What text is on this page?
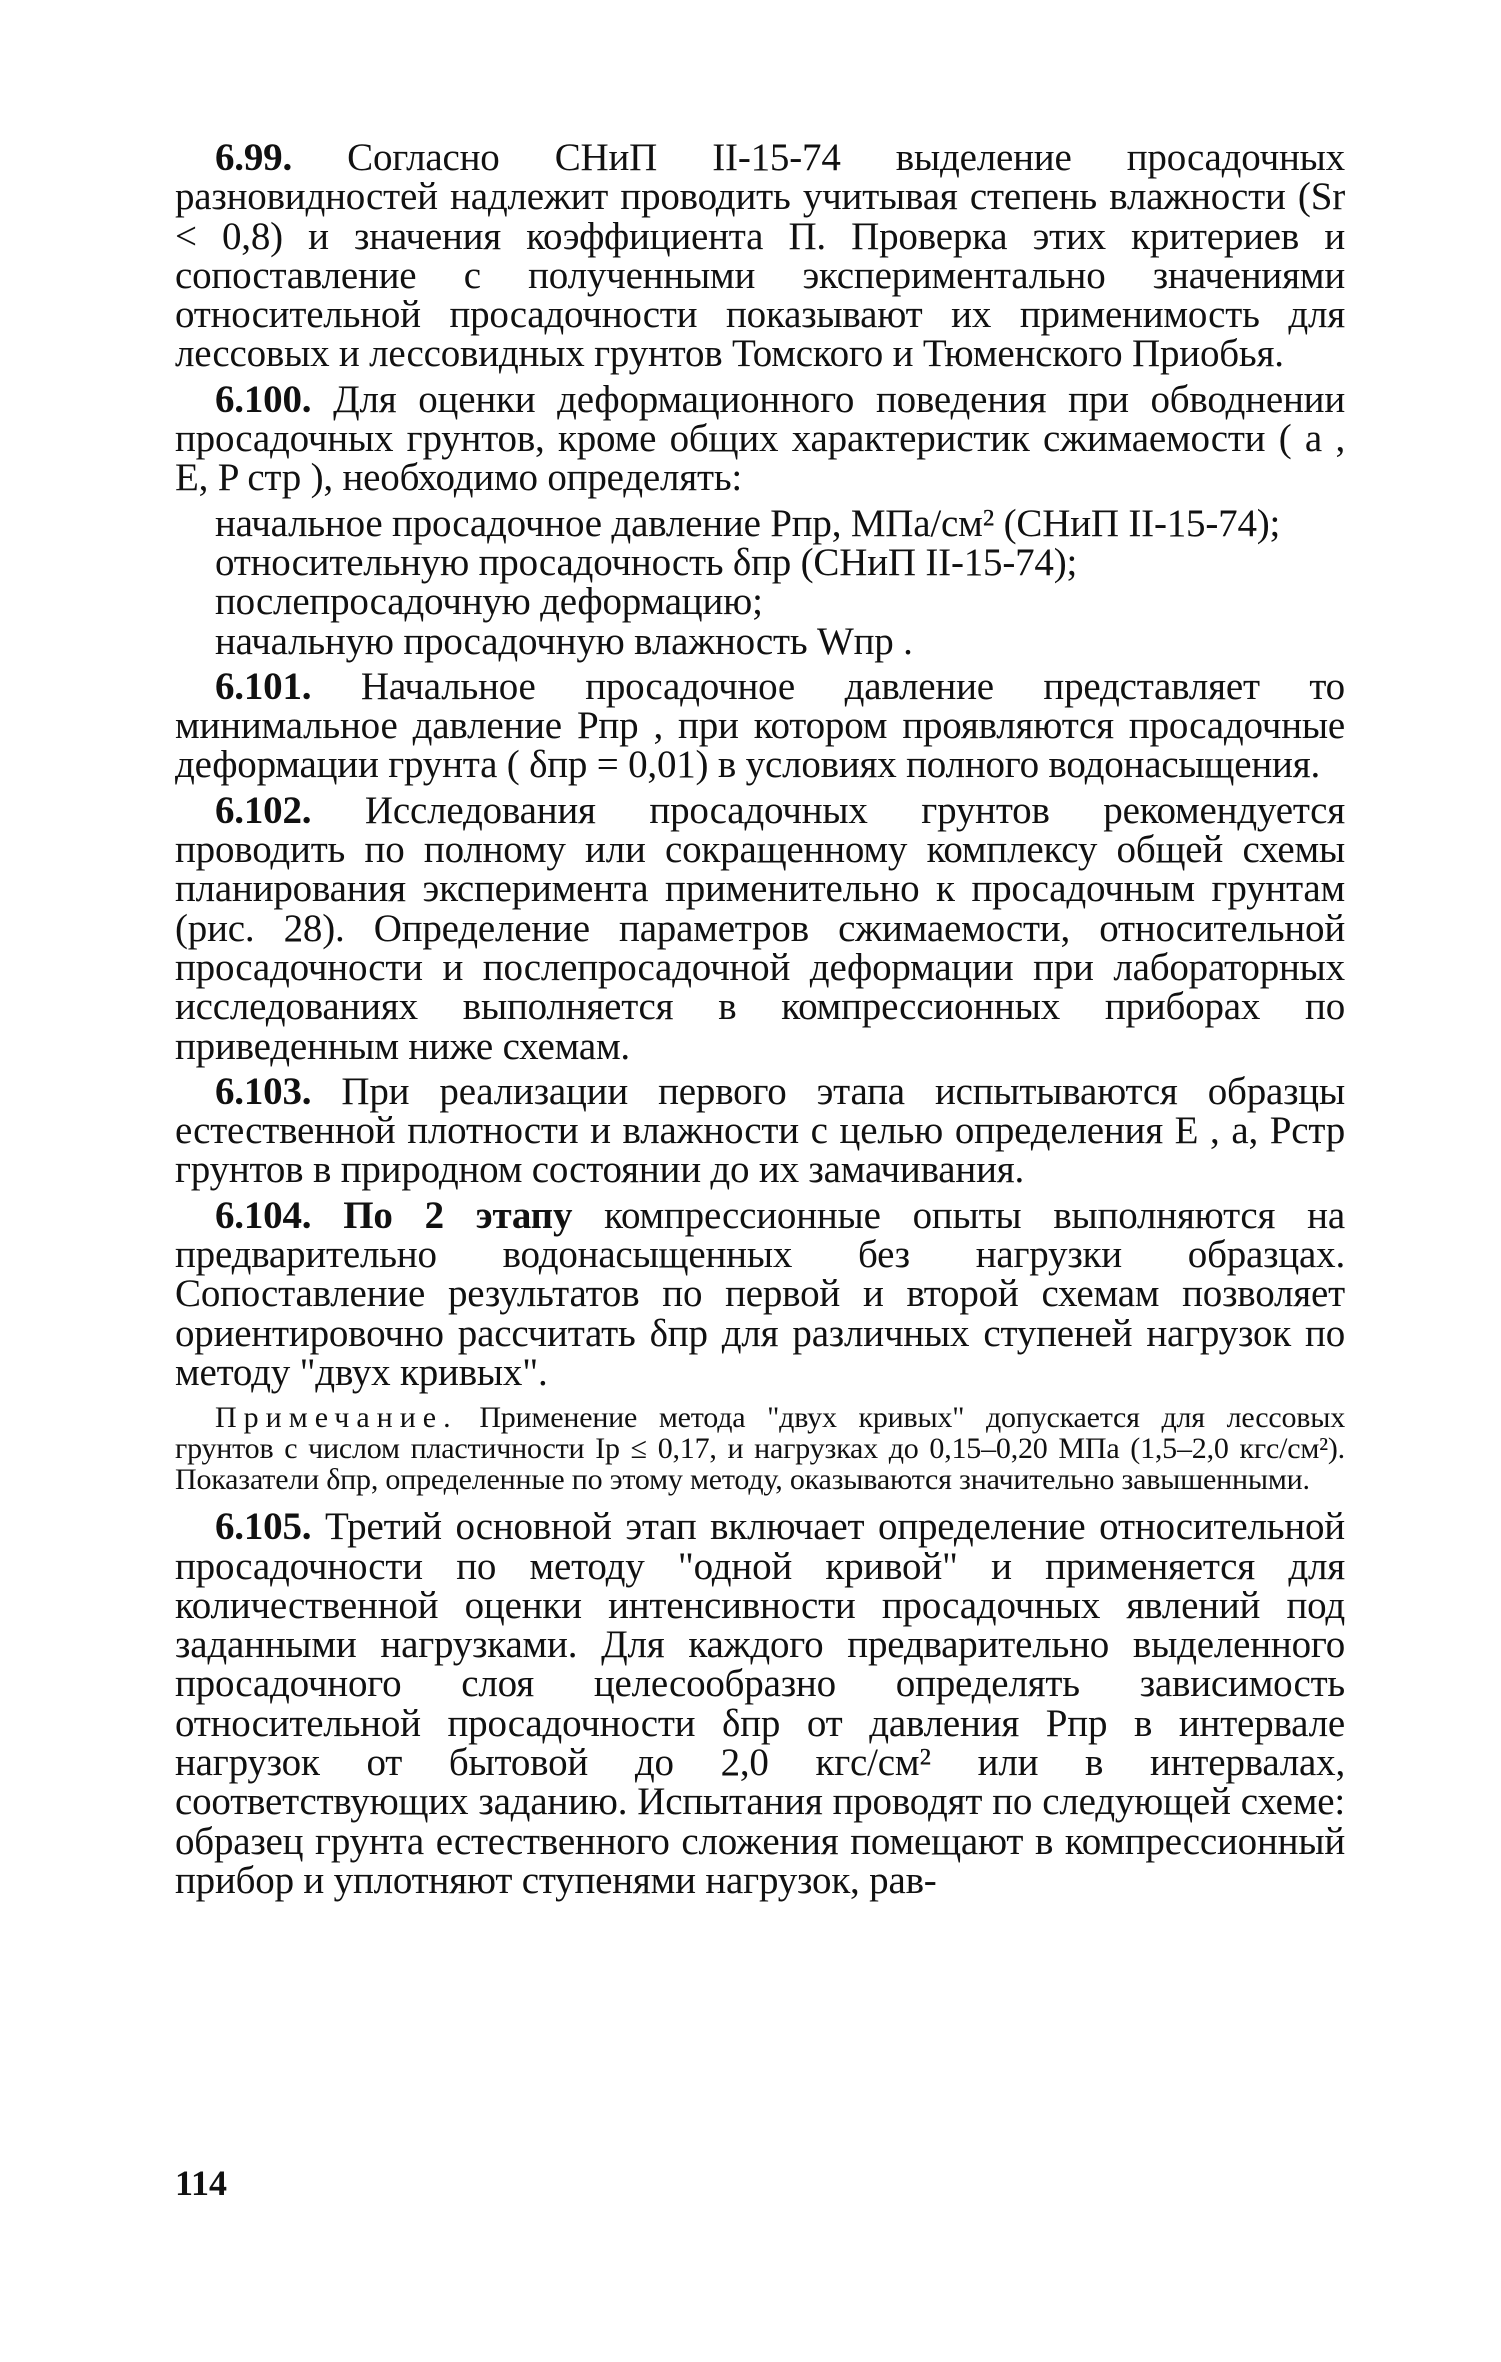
6.99. Согласно СНиП II-15-74 выделение просадочных разновидностей надлежит проводить учитывая степень влажности (Sr < 0,8) и значения коэффициента П. Проверка этих критериев и сопоставление с полученными экспериментально значениями относительной просадочности показывают их применимость для лессовых и лессовидных грунтов Томского и Тюменского Приобья.

6.100. Для оценки деформационного поведения при обводнении просадочных грунтов, кроме общих характеристик сжимаемости ( a , E, P стр ), необходимо определять:

начальное просадочное давление Pпр, МПа/см² (СНиП II-15-74);

относительную просадочность δпр (СНиП II-15-74);

послепросадочную деформацию;

начальную просадочную влажность Wпр .

6.101. Начальное просадочное давление представляет то минимальное давление Pпр , при котором проявляются просадочные деформации грунта ( δпр = 0,01) в условиях полного водонасыщения.

6.102. Исследования просадочных грунтов рекомендуется проводить по полному или сокращенному комплексу общей схемы планирования эксперимента применительно к просадочным грунтам (рис. 28). Определение параметров сжимаемости, относительной просадочности и послепросадочной деформации при лабораторных исследованиях выполняется в компрессионных приборах по приведенным ниже схемам.

6.103. При реализации первого этапа испытываются образцы естественной плотности и влажности с целью определения E , a, Pстр грунтов в природном состоянии до их замачивания.

6.104. По 2 этапу компрессионные опыты выполняются на предварительно водонасыщенных без нагрузки образцах. Сопоставление результатов по первой и второй схемам позволяет ориентировочно рассчитать δпр для различных ступеней нагрузок по методу "двух кривых".

Примечание. Применение метода "двух кривых" допускается для лессовых грунтов с числом пластичности Ip ≤ 0,17, и нагрузках до 0,15–0,20 МПа (1,5–2,0 кгс/см²). Показатели δпр, определенные по этому методу, оказываются значительно завышенными.

6.105. Третий основной этап включает определение относительной просадочности по методу "одной кривой" и применяется для количественной оценки интенсивности просадочных явлений под заданными нагрузками. Для каждого предварительно выделенного просадочного слоя целесообразно определять зависимость относительной просадочности δпр от давления Pпр в интервале нагрузок от бытовой до 2,0 кгс/см² или в интервалах, соответствующих заданию. Испытания проводят по следующей схеме: образец грунта естественного сложения помещают в компрессионный прибор и уплотняют ступенями нагрузок, рав-

114
